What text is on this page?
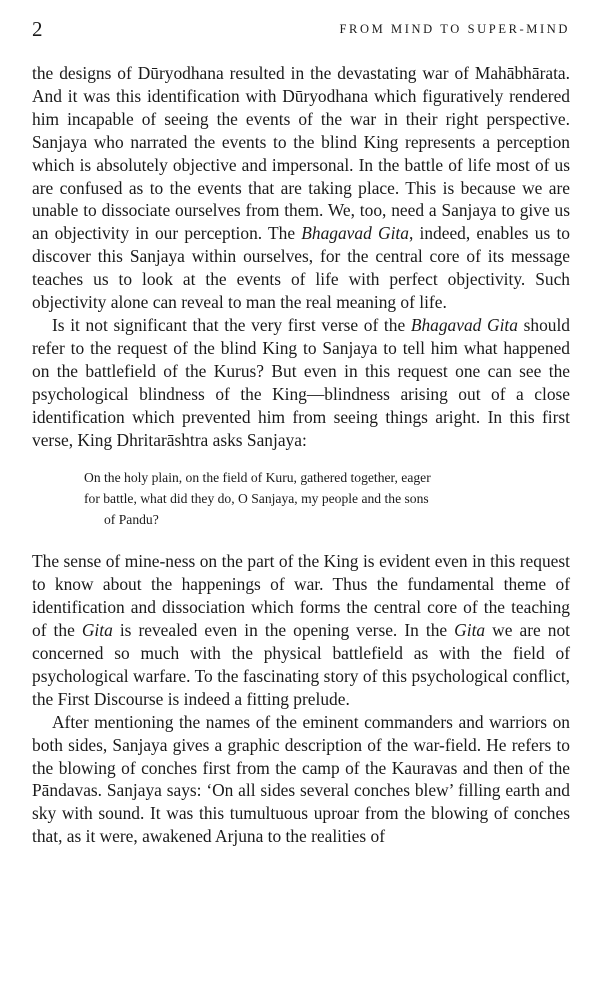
2	FROM MIND TO SUPER-MIND

the designs of Dūryodhana resulted in the devastating war of Mahābhārata. And it was this identification with Dūryodhana which figuratively rendered him incapable of seeing the events of the war in their right perspective. Sanjaya who narrated the events to the blind King represents a perception which is absolutely objective and impersonal. In the battle of life most of us are confused as to the events that are taking place. This is because we are unable to dissociate ourselves from them. We, too, need a Sanjaya to give us an objectivity in our perception. The Bhagavad Gita, indeed, enables us to discover this Sanjaya within ourselves, for the central core of its message teaches us to look at the events of life with perfect objectivity. Such objectivity alone can reveal to man the real meaning of life.

Is it not significant that the very first verse of the Bhagavad Gita should refer to the request of the blind King to Sanjaya to tell him what happened on the battlefield of the Kurus? But even in this request one can see the psychological blindness of the King—blindness arising out of a close identification which prevented him from seeing things aright. In this first verse, King Dhritarāshtra asks Sanjaya:

On the holy plain, on the field of Kuru, gathered together, eager
for battle, what did they do, O Sanjaya, my people and the sons
of Pandu?

The sense of mine-ness on the part of the King is evident even in this request to know about the happenings of war. Thus the fundamental theme of identification and dissociation which forms the central core of the teaching of the Gita is revealed even in the opening verse. In the Gita we are not concerned so much with the physical battlefield as with the field of psychological warfare. To the fascinating story of this psychological conflict, the First Discourse is indeed a fitting prelude.

After mentioning the names of the eminent commanders and warriors on both sides, Sanjaya gives a graphic description of the war-field. He refers to the blowing of conches first from the camp of the Kauravas and then of the Pāndavas. Sanjaya says: ‘On all sides several conches blew’ filling earth and sky with sound. It was this tumultuous uproar from the blowing of conches that, as it were, awakened Arjuna to the realities of
